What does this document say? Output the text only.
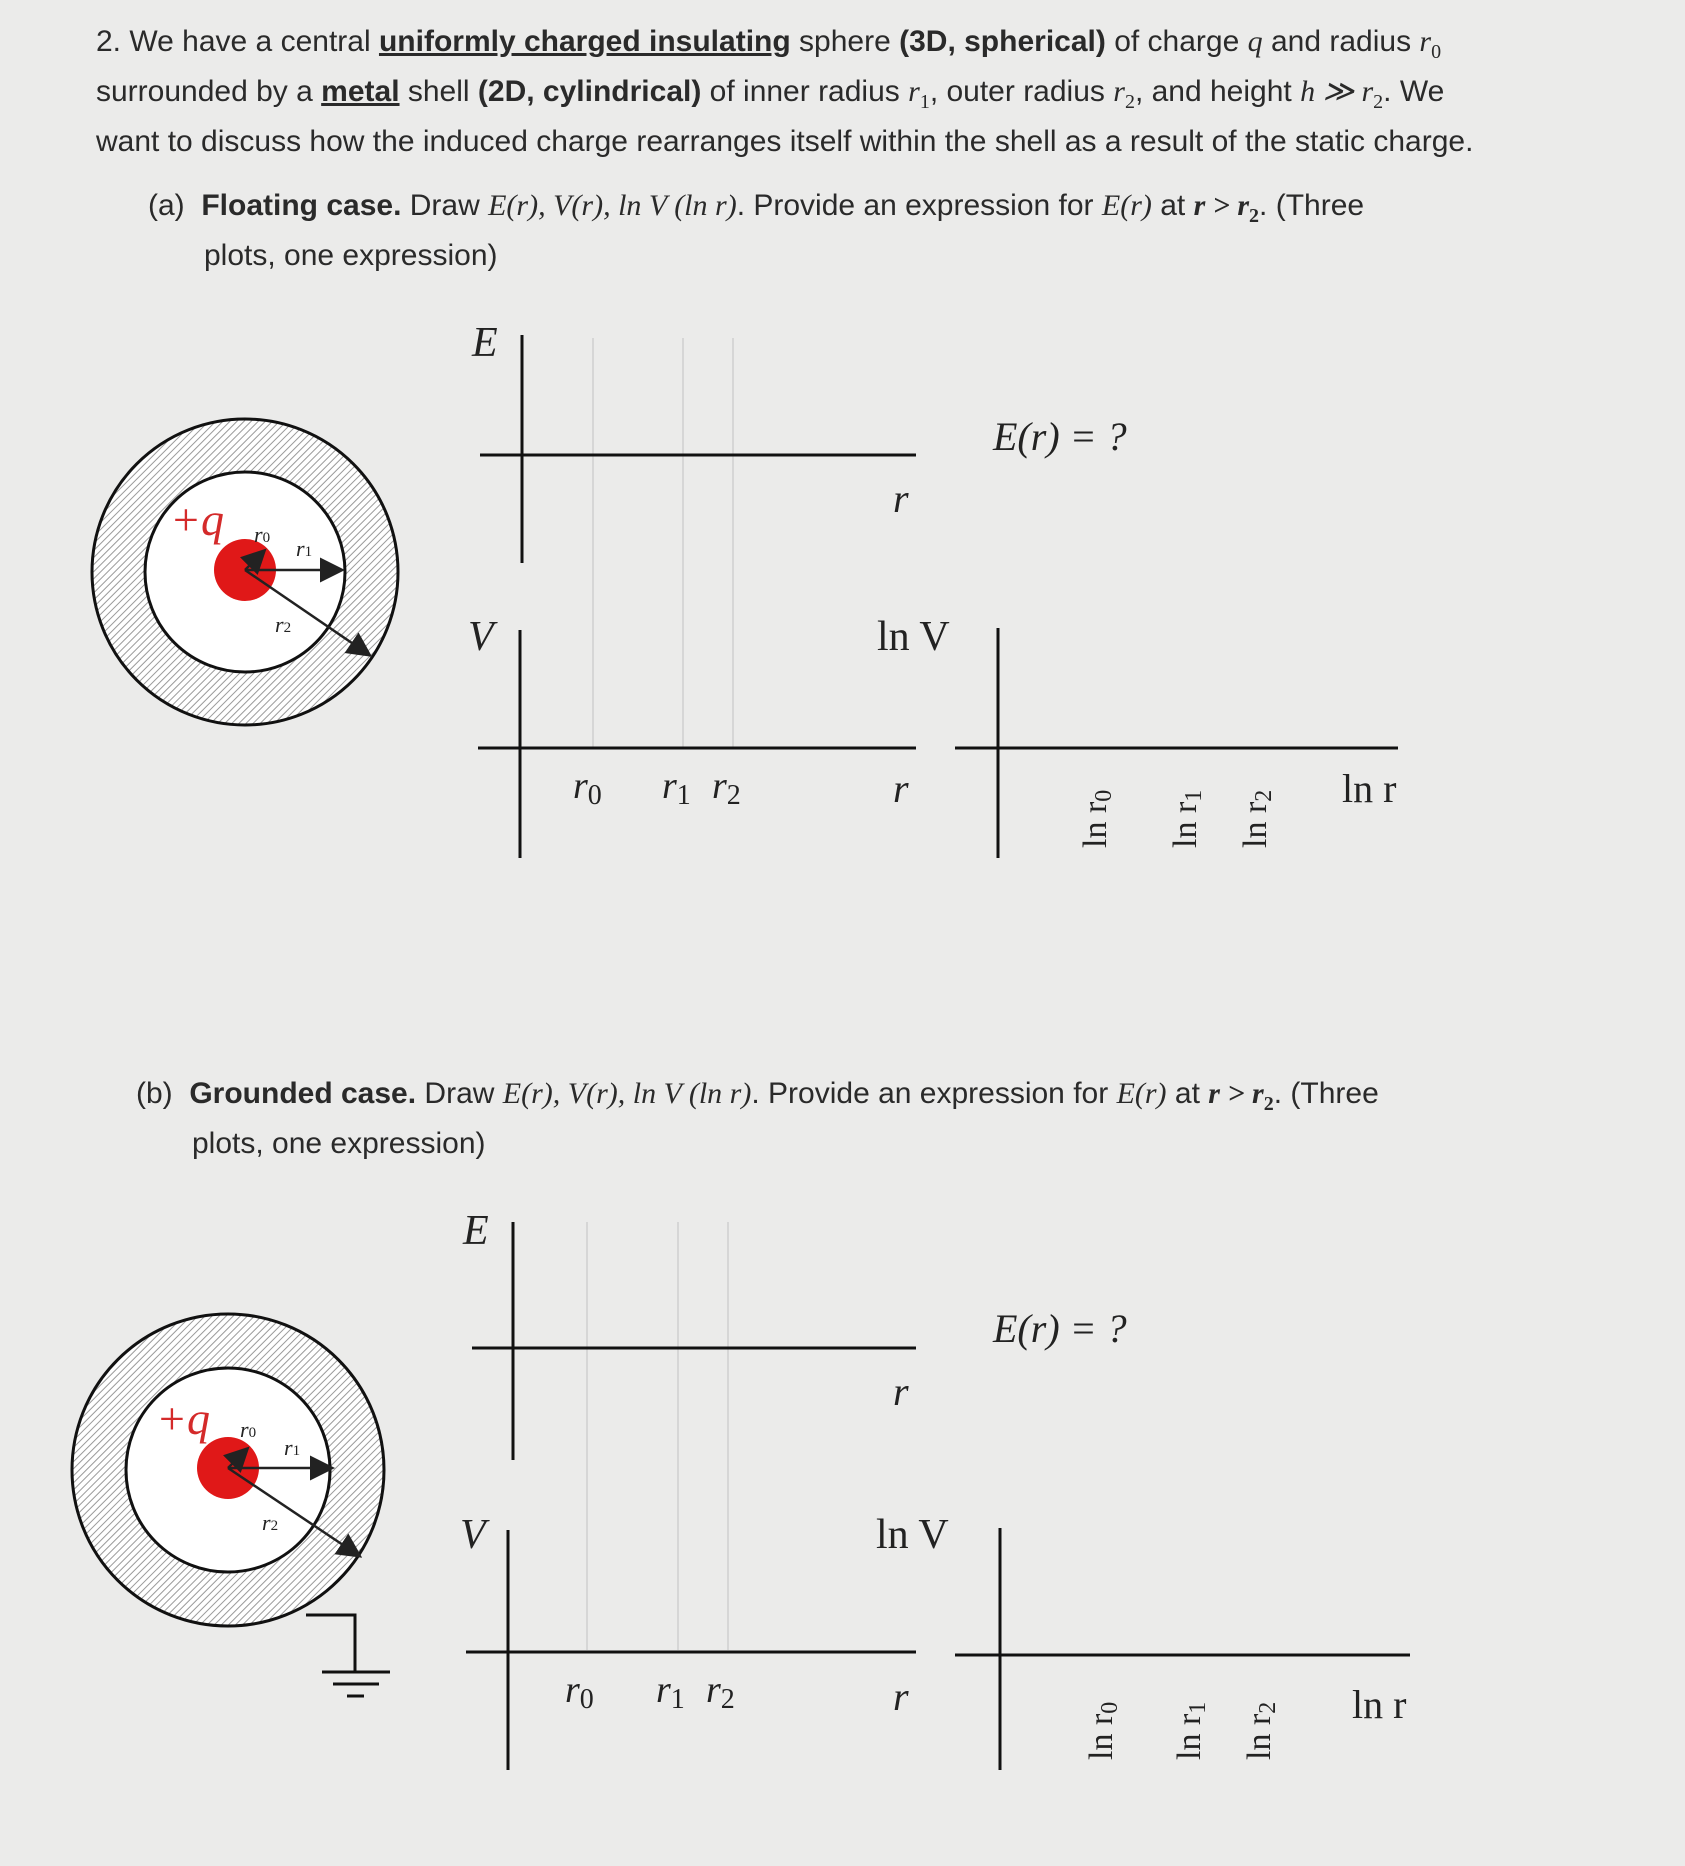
2. We have a central uniformly charged insulating sphere (3D, spherical) of charge q and radius $r_0$
surrounded by a metal shell (2D, cylindrical) of inner radius $r_1$, outer radius $r_2$, and height h ≫ $r_2$. We
want to discuss how the induced charge rearranges itself within the shell as a result of the static charge.
(a) Floating case. Draw E(r), V(r), ln V (ln r). Provide an expression for E(r) at $r > r_2$. (Three
plots, one expression)
(b) Grounded case. Draw E(r), V(r), ln V (ln r). Provide an expression for E(r) at $r > r_2$. (Three
plots, one expression)
+q r0 r1
r2
E
r
E(r) = ?
V
r0 r1 r2	r
ln V
ln r
ln r0
ln r1
ln r2
+q r0
r1
r2
E
r
E(r) = ?
V
r0 r1 r2	r
ln V
ln r
ln r0
ln r1
ln r2
